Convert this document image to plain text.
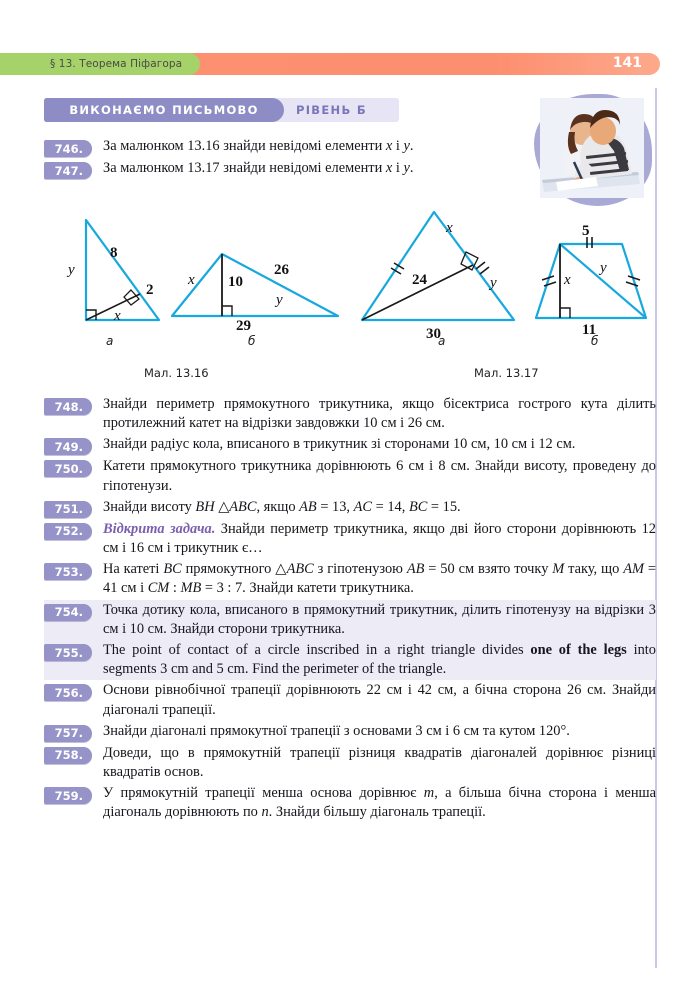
§ 13. Теорема Піфагора	141
ВИКОНАЄМО ПИСЬМОВО	РІВЕНЬ Б
8
y
2
x
а
x 10
26
y
29
б
Мал. 13.16
x
24	y
30
а
5
x
y
11
б
Мал. 13.17
746.	За малюнком 13.16 знайди невідомі елементи x і y.
747.	За малюнком 13.17 знайди невідомі елементи x і y.
748.	Знайди периметр прямокутного трикутника, якщо бісектриса гострого кута ділить протилежний катет на відрізки завдовжки 10 см і 26 см.
749.	Знайди радіус кола, вписаного в трикутник зі сторонами 10 см, 10 см і 12 см.
750.	Катети прямокутного трикутника дорівнюють 6 см і 8 см. Знайди висоту, проведену до гіпотенузи.
751.	Знайди висоту BH △ABC, якщо AB = 13, AC = 14, BC = 15.
752.	Відкрита задача. Знайди периметр трикутника, якщо дві його сторони дорівнюють 12 см і 16 см і трикутник є…
753.	На катеті BC прямокутного △ABC з гіпотенузою AB = 50 см взято точку M таку, що AM = 41 см і CM : MB = 3 : 7. Знайди катети трикутника.
754.	Точка дотику кола, вписаного в прямокутний трикутник, ділить гіпотенузу на відрізки 3 см і 10 см. Знайди сторони трикутника.
755.	The point of contact of a circle inscribed in a right triangle divides one of the legs into segments 3 cm and 5 cm. Find the perimeter of the triangle.
756.	Основи рівнобічної трапеції дорівнюють 22 см і 42 см, а бічна сторона 26 см. Знайди діагоналі трапеції.
757.	Знайди діагоналі прямокутної трапеції з основами 3 см і 6 см та кутом 120°.
758.	Доведи, що в прямокутній трапеції різниця квадратів діагоналей дорівнює різниці квадратів основ.
759.	У прямокутній трапеції менша основа дорівнює m, а більша бічна сторона і менша діагональ дорівнюють по n. Знайди більшу діагональ трапеції.
